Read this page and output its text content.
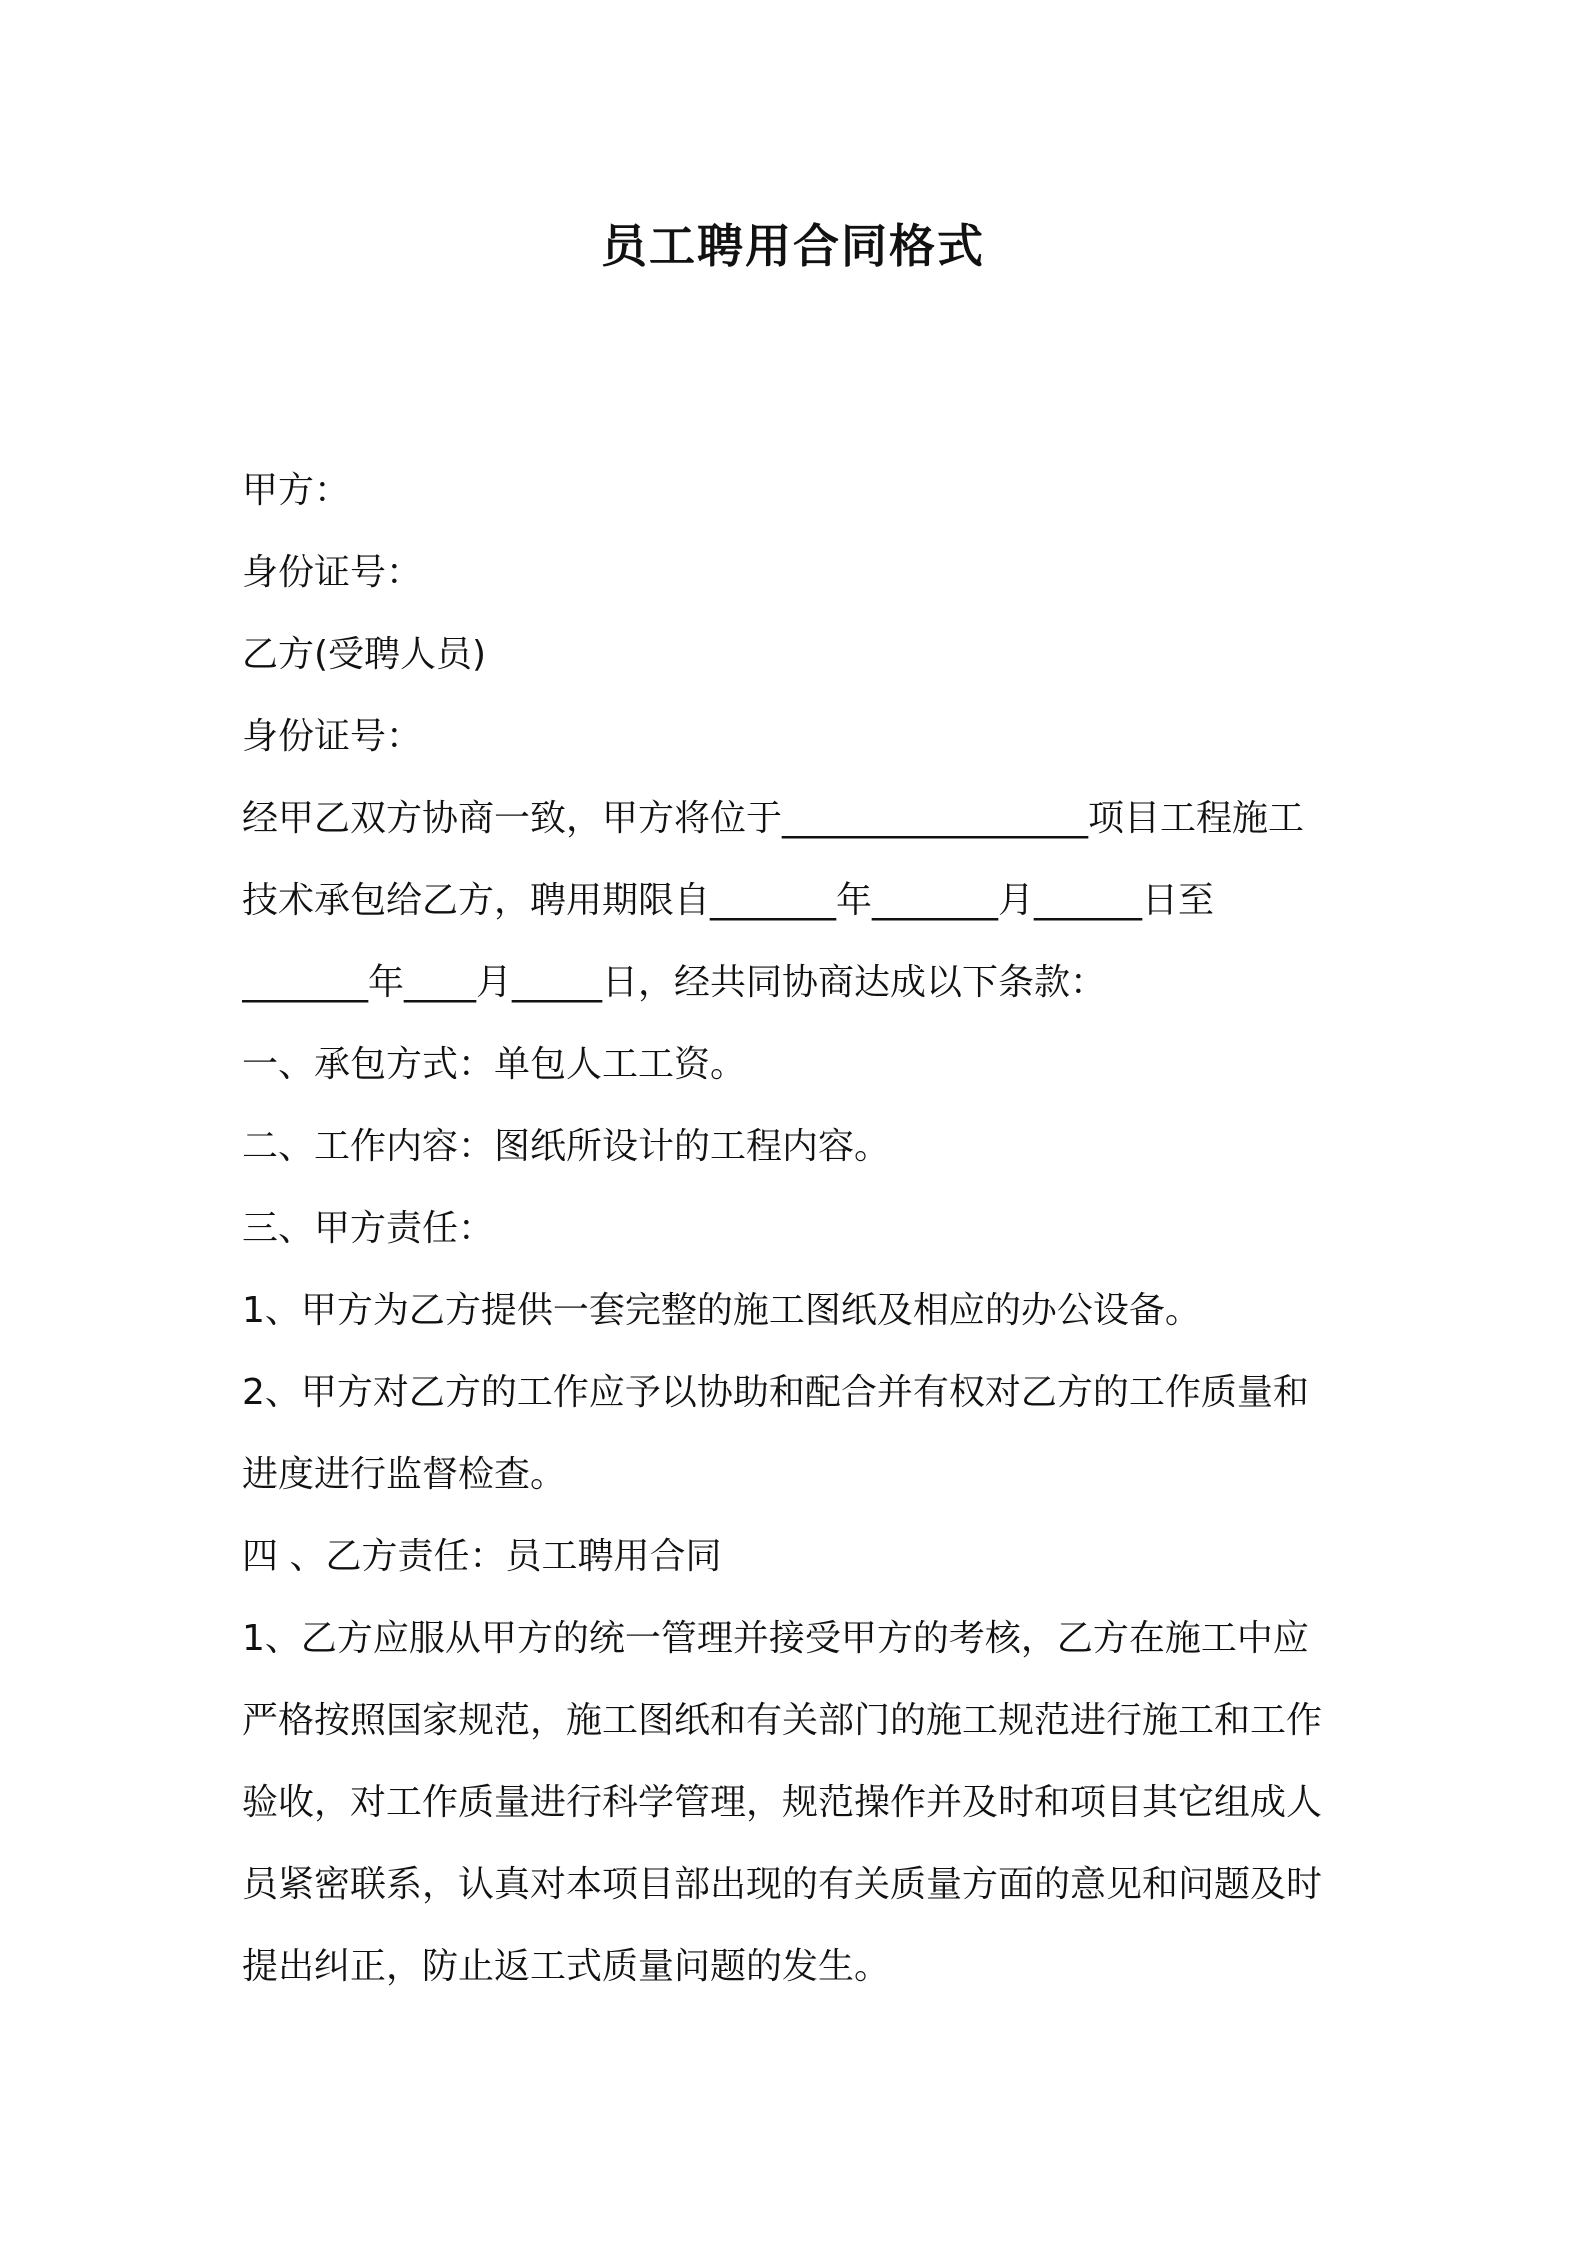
员工聘用合同格式
甲方：
身份证号：
乙方(受聘人员)
身份证号：
经甲乙双方协商一致，甲方将位于_________________项目工程施工
技术承包给乙方，聘用期限自_______年_______月______日至
_______年____月_____日，经共同协商达成以下条款：
一、承包方式：单包人工工资。
二、工作内容：图纸所设计的工程内容。
三、甲方责任：
1、甲方为乙方提供一套完整的施工图纸及相应的办公设备。
2、甲方对乙方的工作应予以协助和配合并有权对乙方的工作质量和
进度进行监督检查。
四 、乙方责任：员工聘用合同
1、乙方应服从甲方的统一管理并接受甲方的考核，乙方在施工中应
严格按照国家规范，施工图纸和有关部门的施工规范进行施工和工作
验收，对工作质量进行科学管理，规范操作并及时和项目其它组成人
员紧密联系，认真对本项目部出现的有关质量方面的意见和问题及时
提出纠正，防止返工式质量问题的发生。
